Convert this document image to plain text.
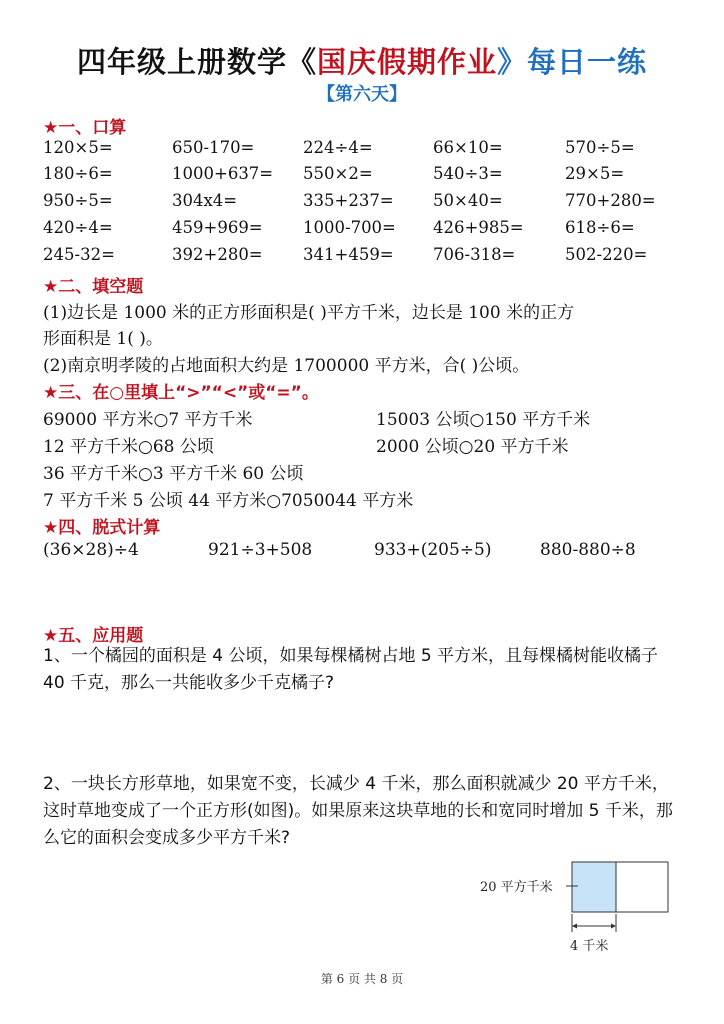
四年级上册数学《国庆假期作业》每日一练
【第六天】
★一、口算
120×5=	650-170=	224÷4=	66×10=	570÷5=
180÷6=	1000+637= 550×2=	540÷3=	29×5=
950÷5=	304x4=	335+237= 50×40=	770+280=
420÷4=	459+969= 1000-700= 426+985=	618÷6=
245-32=	392+280= 341+459= 706-318=	502-220=
★二、填空题
(1)边长是 1000 米的正方形面积是( )平方千米，边长是 100 米的正方
形面积是 1( )。
(2)南京明孝陵的占地面积大约是 1700000 平方米，合( )公顷。
★三、在○里填上“>”“<”或“=”。
69000 平方米○7 平方千米	15003 公顷○150 平方千米
12 平方千米○68 公顷	2000 公顷○20 平方千米
36 平方千米○3 平方千米 60 公顷
7 平方千米 5 公顷 44 平方米○7050044 平方米
★四、脱式计算
(36×28)÷4	921÷3+508	933+(205÷5)	880-880÷8
★五、应用题
1、一个橘园的面积是 4 公顷，如果每棵橘树占地 5 平方米，且每棵橘树能收橘子 40 千克，那么一共能收多少千克橘子?
2、一块长方形草地，如果宽不变，长减少 4 千米，那么面积就减少 20 平方千米，这时草地变成了一个正方形(如图)。如果原来这块草地的长和宽同时增加 5 千米，那么它的面积会变成多少平方千米?
20 平方千米
4 千米
第 6 页 共 8 页
